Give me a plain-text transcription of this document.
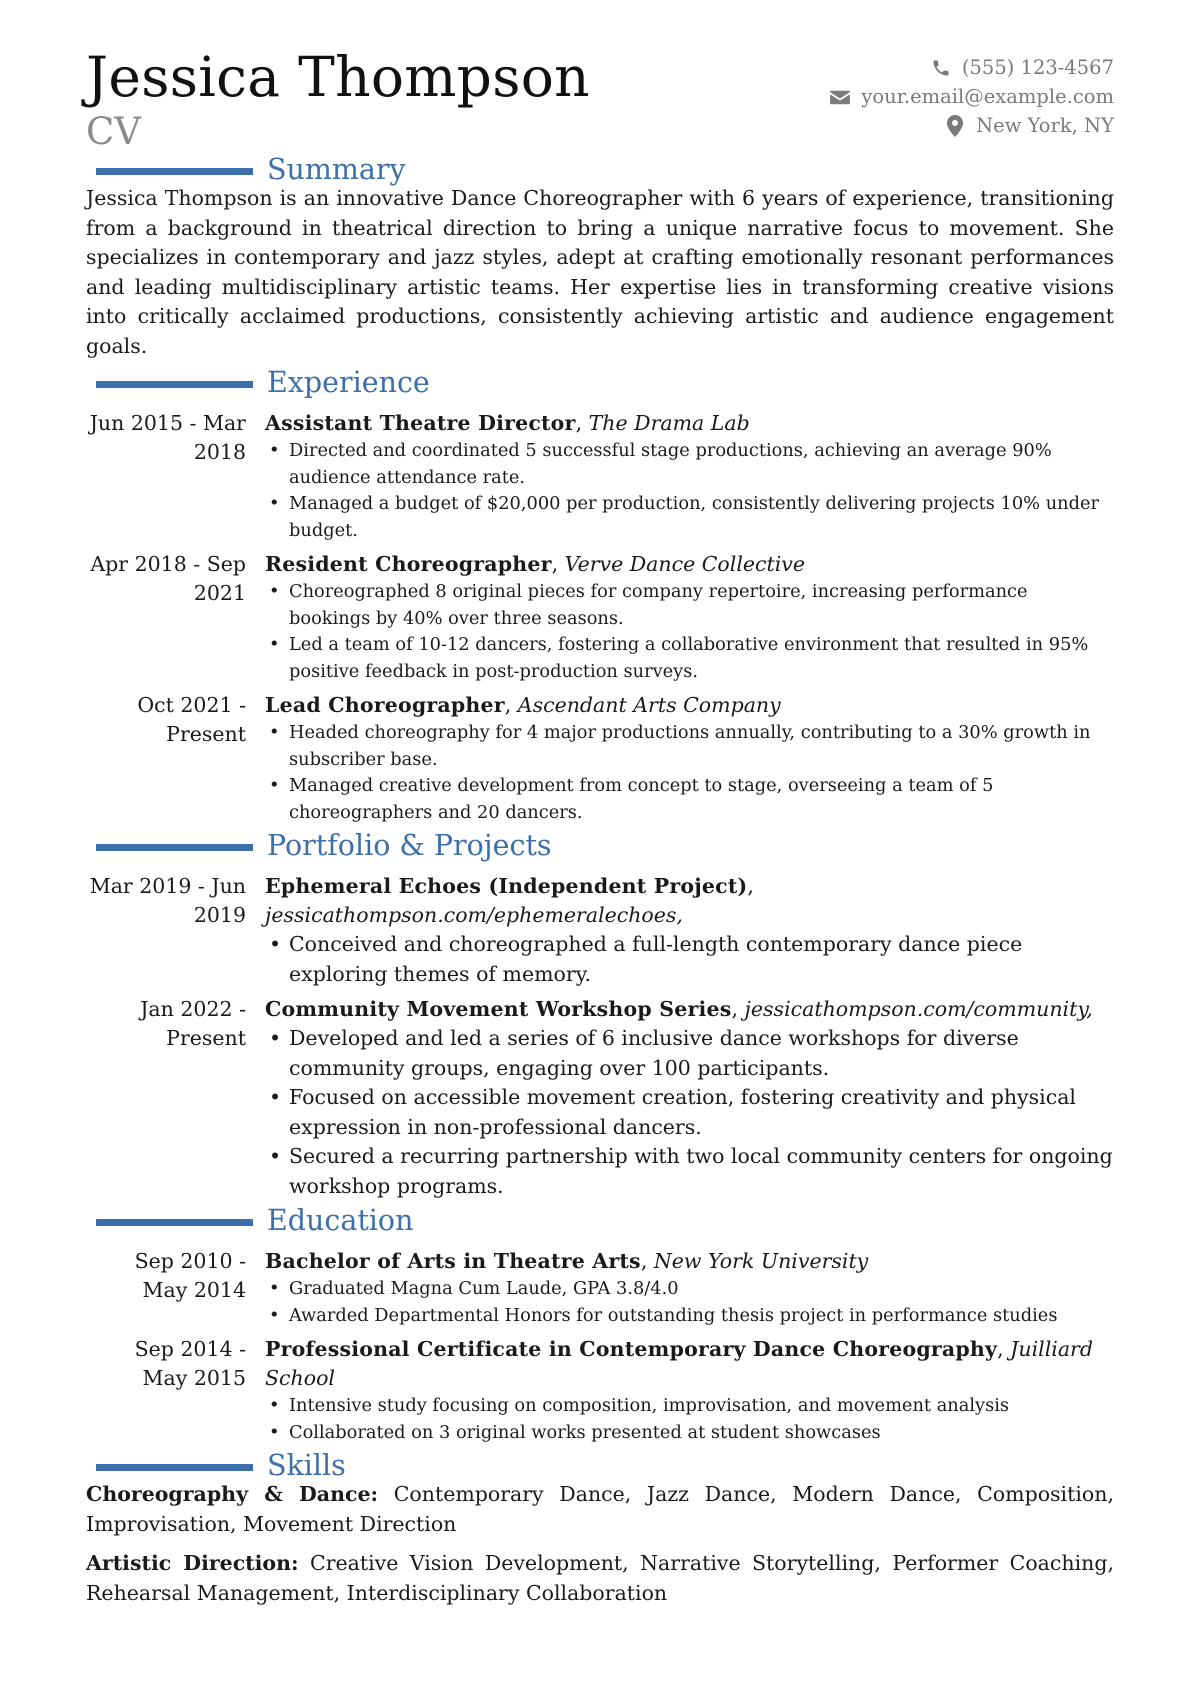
Jessica Thompson
CV
(555) 123-4567
your.email@example.com
New York, NY
Summary

Jessica Thompson is an innovative Dance Choreographer with 6 years of experience, transitioning from a background in theatrical direction to bring a unique narrative focus to movement. She specializes in contemporary and jazz styles, adept at crafting emotionally resonant performances and leading multidisciplinary artistic teams. Her expertise lies in transforming creative visions into critically acclaimed productions, consistently achieving artistic and audience engagement goals.

Experience
Jun 2015 - Mar 2018
Assistant Theatre Director, The Drama Lab
• Directed and coordinated 5 successful stage productions, achieving an average 90% audience attendance rate.
• Managed a budget of $20,000 per production, consistently delivering projects 10% under budget.
Apr 2018 - Sep 2021
Resident Choreographer, Verve Dance Collective
• Choreographed 8 original pieces for company repertoire, increasing performance bookings by 40% over three seasons.
• Led a team of 10-12 dancers, fostering a collaborative environment that resulted in 95% positive feedback in post-production surveys.
Oct 2021 - Present
Lead Choreographer, Ascendant Arts Company
• Headed choreography for 4 major productions annually, contributing to a 30% growth in subscriber base.
• Managed creative development from concept to stage, overseeing a team of 5 choreographers and 20 dancers.
Portfolio & Projects
Mar 2019 - Jun 2019
Ephemeral Echoes (Independent Project), jessicathompson.com/ephemeralechoes,
• Conceived and choreographed a full-length contemporary dance piece exploring themes of memory.
Jan 2022 - Present
Community Movement Workshop Series, jessicathompson.com/community,
• Developed and led a series of 6 inclusive dance workshops for diverse community groups, engaging over 100 participants.
• Focused on accessible movement creation, fostering creativity and physical expression in non-professional dancers.
• Secured a recurring partnership with two local community centers for ongoing workshop programs.
Education
Sep 2010 - May 2014
Bachelor of Arts in Theatre Arts, New York University
• Graduated Magna Cum Laude, GPA 3.8/4.0
• Awarded Departmental Honors for outstanding thesis project in performance studies
Sep 2014 - May 2015
Professional Certificate in Contemporary Dance Choreography, Juilliard School
• Intensive study focusing on composition, improvisation, and movement analysis
• Collaborated on 3 original works presented at student showcases
Skills

Choreography & Dance: Contemporary Dance, Jazz Dance, Modern Dance, Composition, Improvisation, Movement Direction

Artistic Direction: Creative Vision Development, Narrative Storytelling, Performer Coaching, Rehearsal Management, Interdisciplinary Collaboration
